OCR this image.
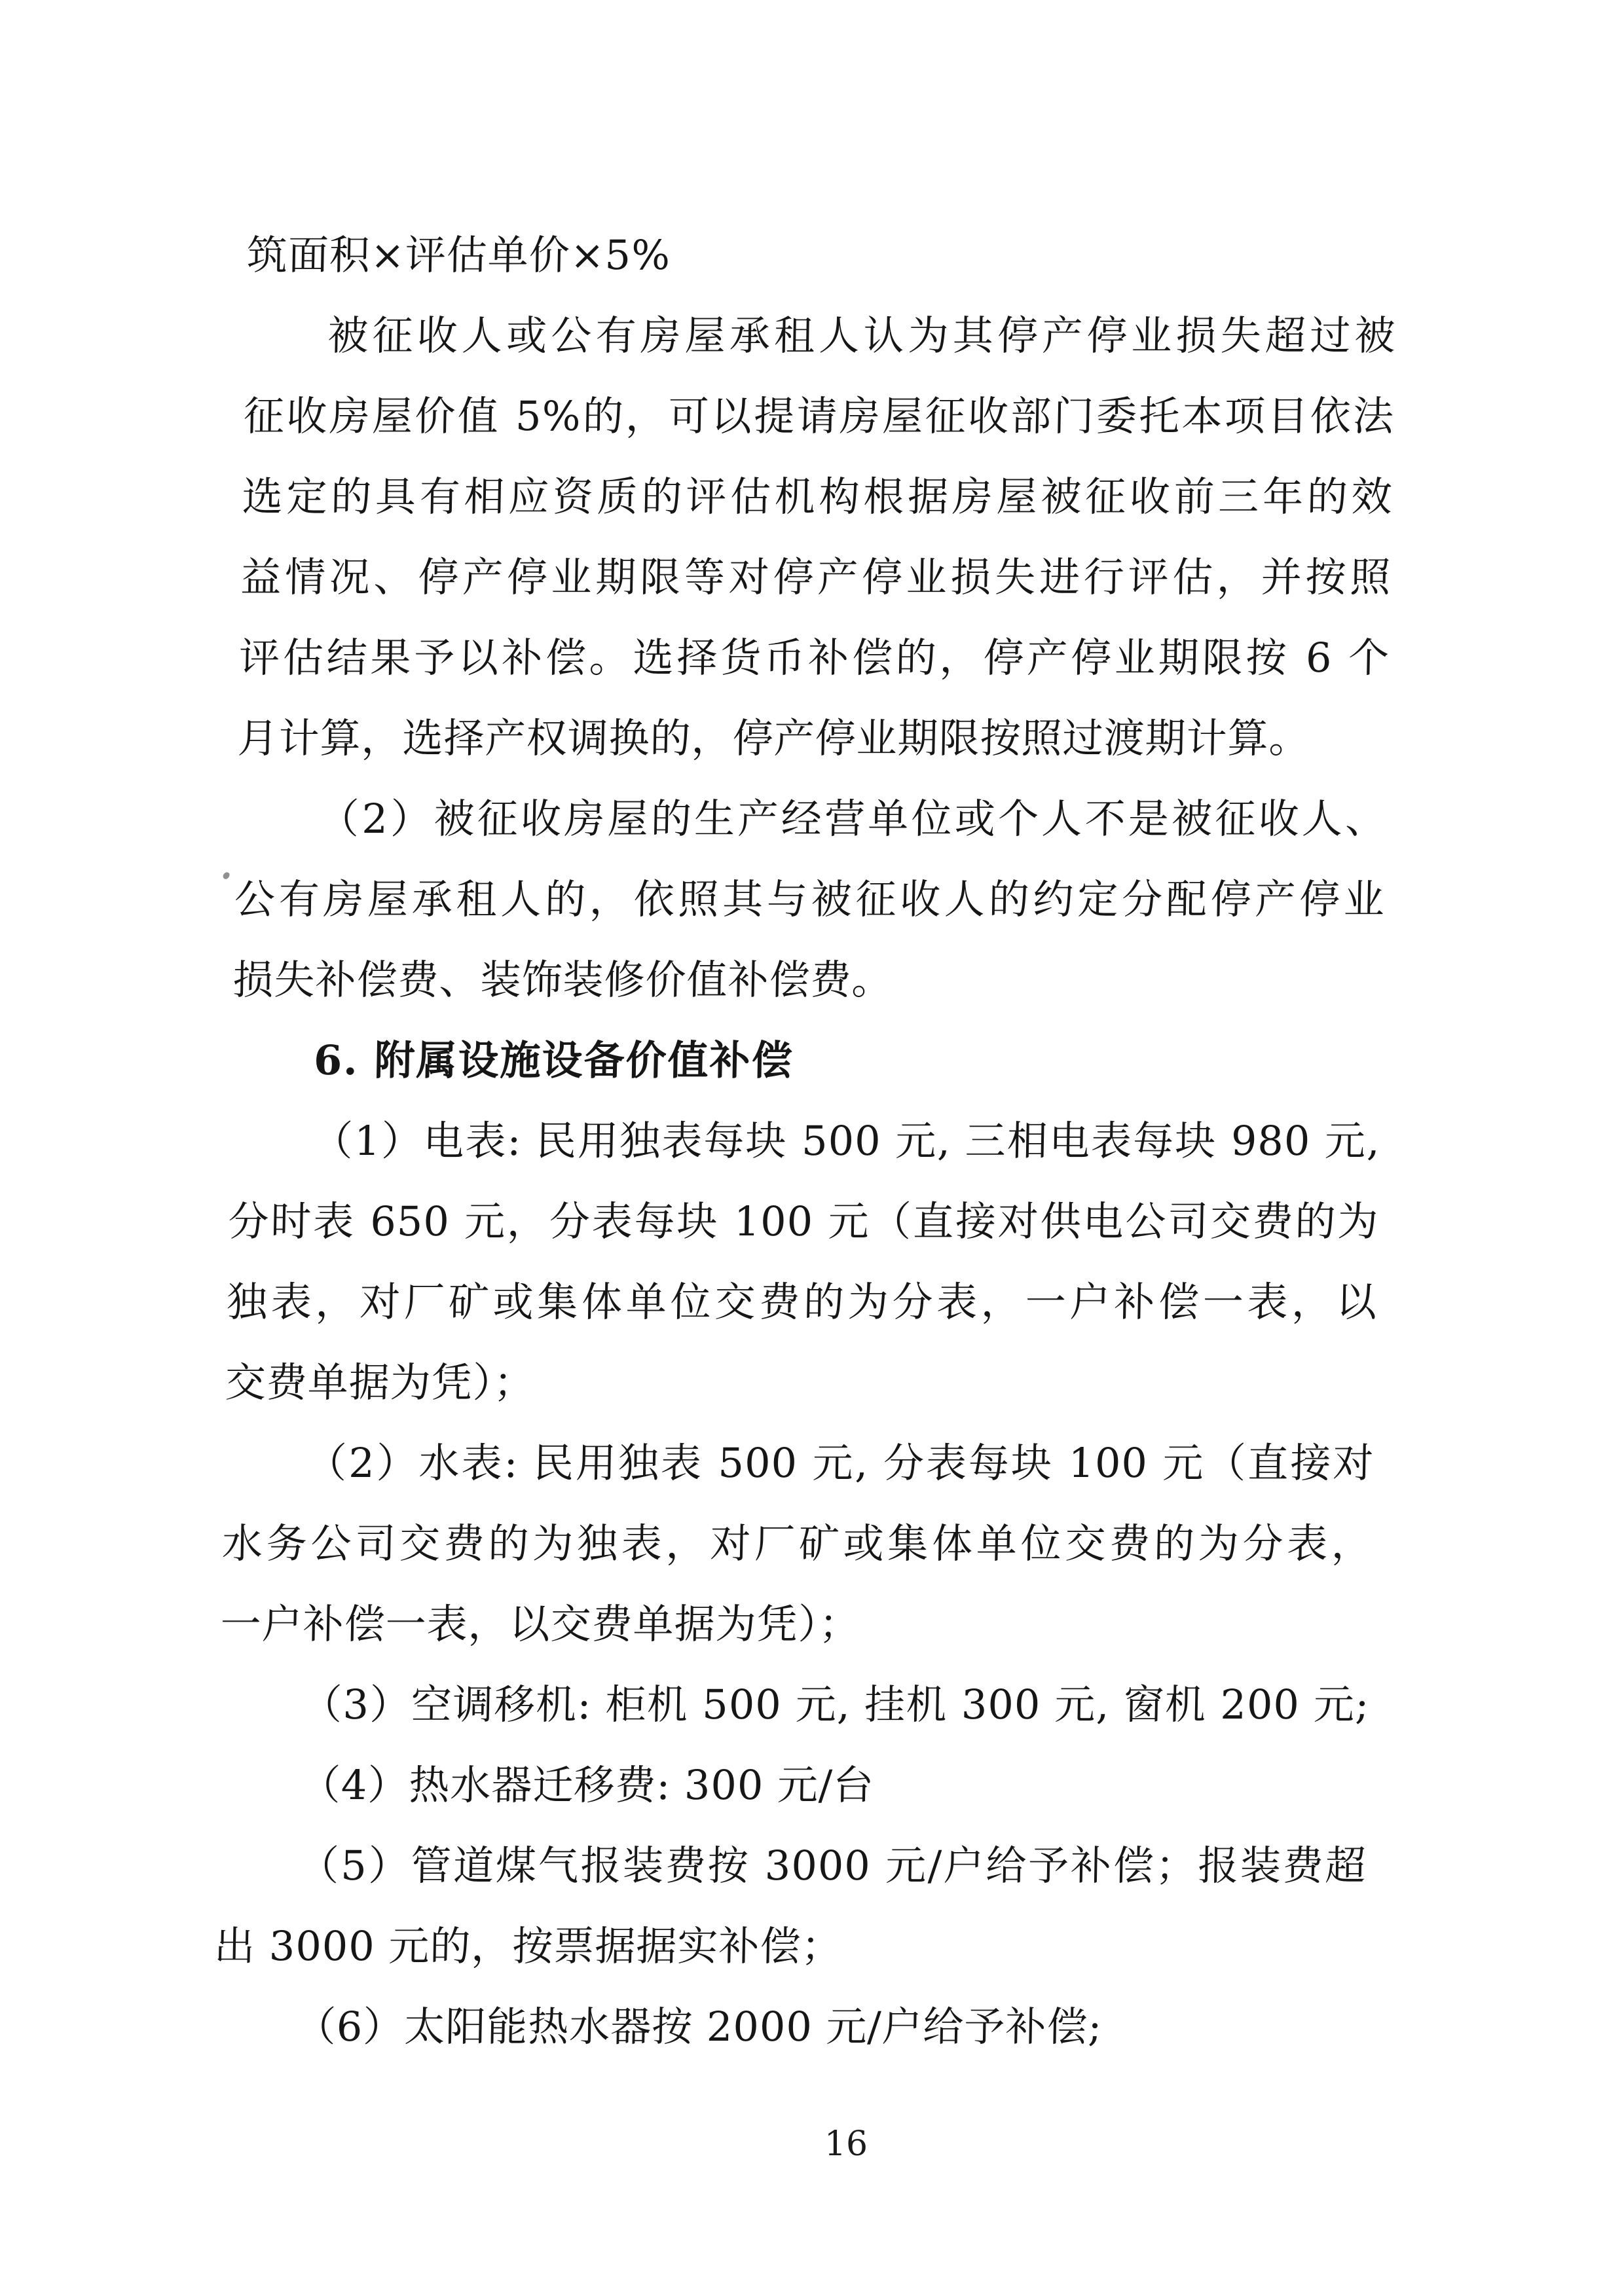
筑面积×评估单价×5%

被征收人或公有房屋承租人认为其停产停业损失超过被

征收房屋价值 5%的，可以提请房屋征收部门委托本项目依法

选定的具有相应资质的评估机构根据房屋被征收前三年的效

益情况、停产停业期限等对停产停业损失进行评估，并按照

评估结果予以补偿。选择货币补偿的，停产停业期限按 6 个

月计算，选择产权调换的，停产停业期限按照过渡期计算。

（2）被征收房屋的生产经营单位或个人不是被征收人、

公有房屋承租人的，依照其与被征收人的约定分配停产停业

损失补偿费、装饰装修价值补偿费。

6. 附属设施设备价值补偿

（1）电表: 民用独表每块 500 元, 三相电表每块 980 元,

分时表 650 元，分表每块 100 元（直接对供电公司交费的为

独表，对厂矿或集体单位交费的为分表，一户补偿一表，以

交费单据为凭）；

（2）水表: 民用独表 500 元, 分表每块 100 元（直接对

水务公司交费的为独表，对厂矿或集体单位交费的为分表，

一户补偿一表，以交费单据为凭）；

（3）空调移机: 柜机 500 元, 挂机 300 元, 窗机 200 元;

（4）热水器迁移费: 300 元/台

（5）管道煤气报装费按 3000 元/户给予补偿；报装费超

出 3000 元的，按票据据实补偿；

（6）太阳能热水器按 2000 元/户给予补偿;

16
